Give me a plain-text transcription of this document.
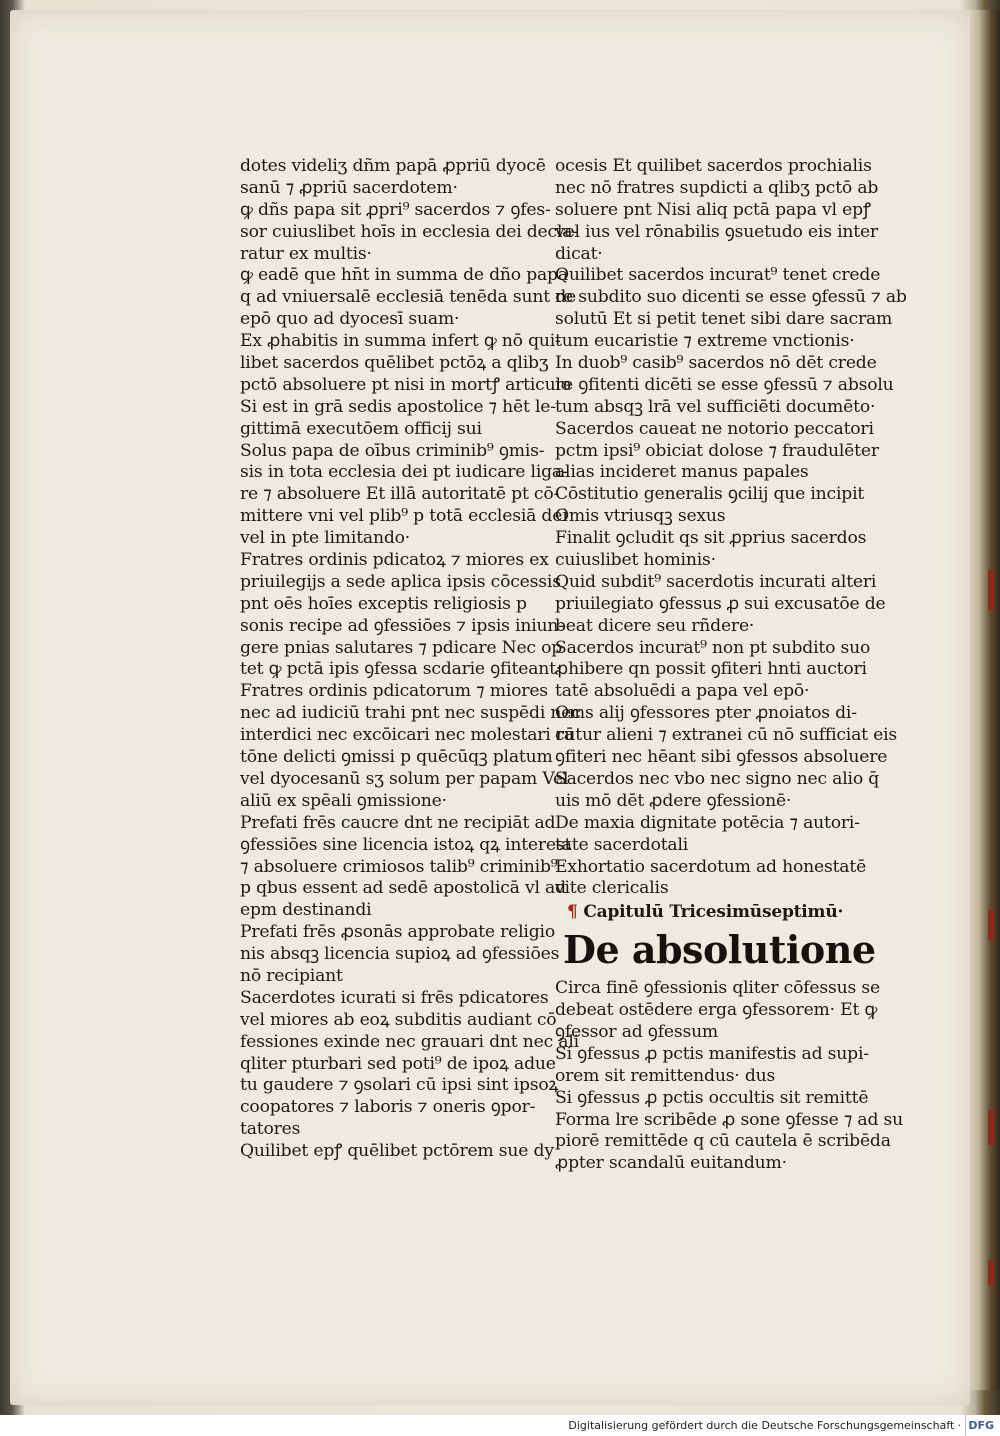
dotes videliʒ dñm papā ꝓpriū dyocē
sanū ⁊ ꝓpriū sacerdotem·
ꝙ dñs papa sit ꝓpri⁹ sacerdos ⁊ ꝯfes-
sor cuiuslibet hoīs in ecclesia dei decla-
ratur ex multis·
ꝙ eadē que hn̄t in summa de dño papa
q ad vniuersalē ecclesiā tenēda sunt de
epō quo ad dyocesī suam·
Ex ꝓhabitis in summa infert ꝙ nō qui-
libet sacerdos quēlibet pctōꝝ a qlibʒ
pctō absoluere pt nisi in mortꝭ articulo
Si est in grā sedis apostolice ⁊ hēt le-
gittimā executōem officij sui
Solus papa de oībus criminib⁹ ꝯmis-
sis in tota ecclesia dei pt iudicare liga-
re ⁊ absoluere Et illā autoritatē pt cō-
mittere vni vel plib⁹ p totā ecclesiā dei
vel in pte limitando·
Fratres ordinis pdicatoꝝ ⁊ miores ex
priuilegijs a sede aplica ipsis cōcessis
pnt oēs hoīes exceptis religiosis p
sonis recipe ad ꝯfessiōes ⁊ ipsis iniun-
gere pnias salutares ⁊ pdicare Nec op
tet ꝙ pctā ipis ꝯfessa scdarie ꝯfiteant·
Fratres ordinis pdicatorum ⁊ miores
nec ad iudiciū trahi pnt nec suspēdi nec
interdici nec excōicari nec molestari ra
tōne delicti ꝯmissi p quēcūqꝫ platum
vel dyocesanū sʒ solum per papam Vel
aliū ex spēali ꝯmissione·
Prefati frēs caucre dnt ne recipiāt ad
ꝯfessiōes sine licencia istoꝝ qꝝ interest
⁊ absoluere crimiosos talib⁹ criminib⁹
p qbus essent ad sedē apostolicā vl ad
epm destinandi
Prefati frēs ꝓsonās approbate religio
nis absqꝫ licencia supioꝝ ad ꝯfessiōes
nō recipiant
Sacerdotes icurati si frēs pdicatores
vel miores ab eoꝝ subditis audiant cō
fessiones exinde nec grauari dnt nec ali
qliter pturbari sed poti⁹ de ipoꝝ adue
tu gaudere ⁊ ꝯsolari cū ipsi sint ipsoꝝ
coopatores ⁊ laboris ⁊ oneris ꝯpor-
tatores
Quilibet epꝭ quēlibet pctōrem sue dy
ocesis Et quilibet sacerdos prochialis
nec nō fratres supdicti a qlibʒ pctō ab
soluere pnt Nisi aliq pctā papa vl epꝭ
vel ius vel rōnabilis ꝯsuetudo eis inter
dicat·
Quilibet sacerdos incurat⁹ tenet crede
re subdito suo dicenti se esse ꝯfessū ⁊ ab
solutū Et si petit tenet sibi dare sacram
tum eucaristie ⁊ extreme vnctionis·
In duob⁹ casib⁹ sacerdos nō dēt crede
re ꝯfitenti dicēti se esse ꝯfessū ⁊ absolu
tum absqꝫ lrā vel sufficiēti documēto·
Sacerdos caueat ne notorio peccatori
pctm ipsi⁹ obiciat dolose ⁊ fraudulēter
alias incideret manus papales
Cōstitutio generalis ꝯcilij que incipit
Omis vtriusqꝫ sexus
Finalit ꝯcludit qs sit ꝓprius sacerdos
cuiuslibet hominis·
Quid subdit⁹ sacerdotis incurati alteri
priuilegiato ꝯfessus ꝓ sui excusatōe de
beat dicere seu rñdere·
Sacerdos incurat⁹ non pt subdito suo
ꝓhibere qn possit ꝯfiteri hnti auctori
tatē absoluēdi a papa vel epō·
Oms alij ꝯfessores pter ꝓnoiatos di-
cūtur alieni ⁊ extranei cū nō sufficiat eis
ꝯfiteri nec hēant sibi ꝯfessos absoluere
Sacerdos nec vbo nec signo nec alio q̄
uis mō dēt ꝓdere ꝯfessionē·
De maxia dignitate potēcia ⁊ autori-
tate sacerdotali
Exhortatio sacerdotum ad honestatē
vite clericalis
¶ Capitulū Tricesimūseptimū·
De absolutione
Circa finē ꝯfessionis qliter cōfessus se
debeat ostēdere erga ꝯfessorem· Et ꝙ
ꝯfessor ad ꝯfessum
Si ꝯfessus ꝓ pctis manifestis ad supi-
orem sit remittendus· dus
Si ꝯfessus ꝓ pctis occultis sit remittē
Forma lre scribēde ꝓ sone ꝯfesse ⁊ ad su
piorē remittēde q cū cautela ē scribēda
ꝓpter scandalū euitandum·
Digitalisierung gefördert durch die Deutsche Forschungsgemeinschaft · DFG
